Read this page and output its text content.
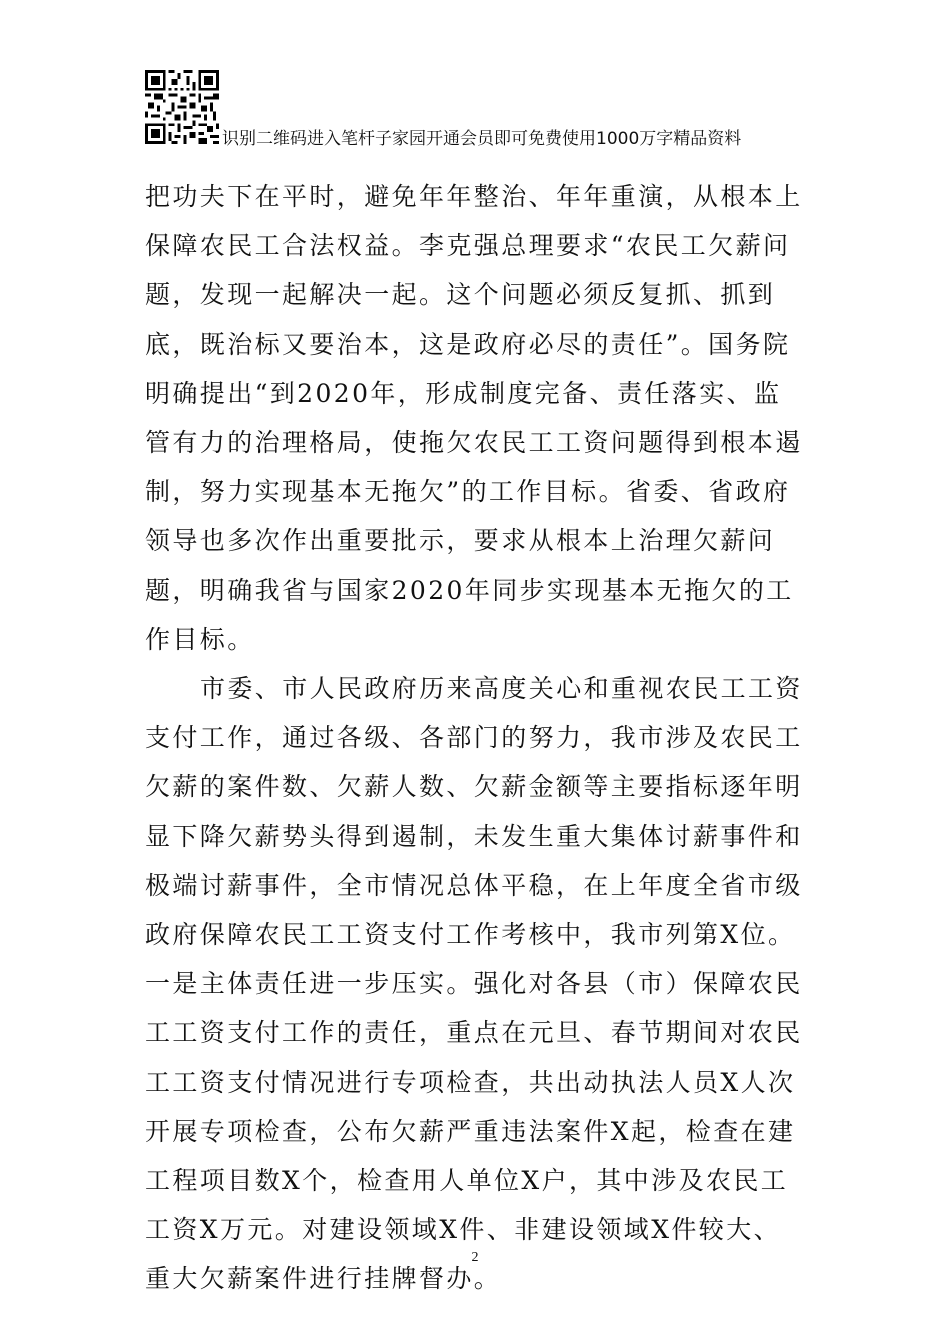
识别二维码进入笔杆子家园开通会员即可免费使用1000万字精品资料

把功夫下在平时，避免年年整治、年年重演，从根本上保障农民工合法权益。李克强总理要求“农民工欠薪问题，发现一起解决一起。这个问题必须反复抓、抓到底，既治标又要治本，这是政府必尽的责任”。国务院明确提出“到2020年，形成制度完备、责任落实、监管有力的治理格局，使拖欠农民工工资问题得到根本遏制，努力实现基本无拖欠”的工作目标。省委、省政府领导也多次作出重要批示，要求从根本上治理欠薪问题，明确我省与国家2020年同步实现基本无拖欠的工作目标。

市委、市人民政府历来高度关心和重视农民工工资支付工作，通过各级、各部门的努力，我市涉及农民工欠薪的案件数、欠薪人数、欠薪金额等主要指标逐年明显下降欠薪势头得到遏制，未发生重大集体讨薪事件和极端讨薪事件，全市情况总体平稳，在上年度全省市级政府保障农民工工资支付工作考核中，我市列第X位。一是主体责任进一步压实。强化对各县（市）保障农民工工资支付工作的责任，重点在元旦、春节期间对农民工工资支付情况进行专项检查，共出动执法人员X人次开展专项检查，公布欠薪严重违法案件X起，检查在建工程项目数X个，检查用人单位X户，其中涉及农民工工资X万元。对建设领域X件、非建设领域X件较大、重大欠薪案件进行挂牌督办。

2
